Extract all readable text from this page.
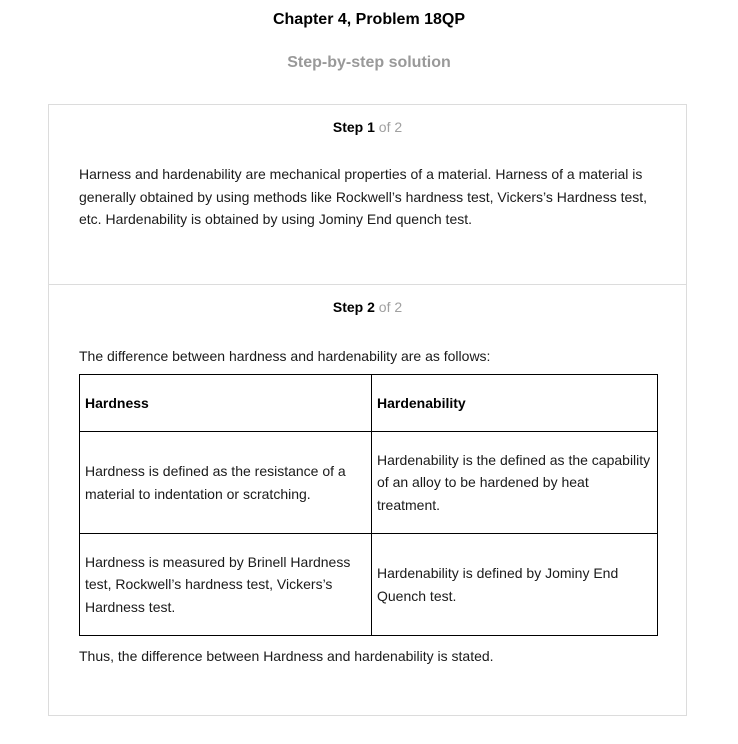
Chapter 4, Problem 18QP
Step-by-step solution
Step 1 of 2
Harness and hardenability are mechanical properties of a material. Harness of a material is generally obtained by using methods like Rockwell’s hardness test, Vickers’s Hardness test, etc. Hardenability is obtained by using Jominy End quench test.
Step 2 of 2
The difference between hardness and hardenability are as follows:
Hardness	Hardenability
Hardness is defined as the resistance of a material to indentation or scratching.	Hardenability is the defined as the capability of an alloy to be hardened by heat treatment.
Hardness is measured by Brinell Hardness test, Rockwell’s hardness test, Vickers’s Hardness test.	Hardenability is defined by Jominy End Quench test.
Thus, the difference between Hardness and hardenability is stated.
